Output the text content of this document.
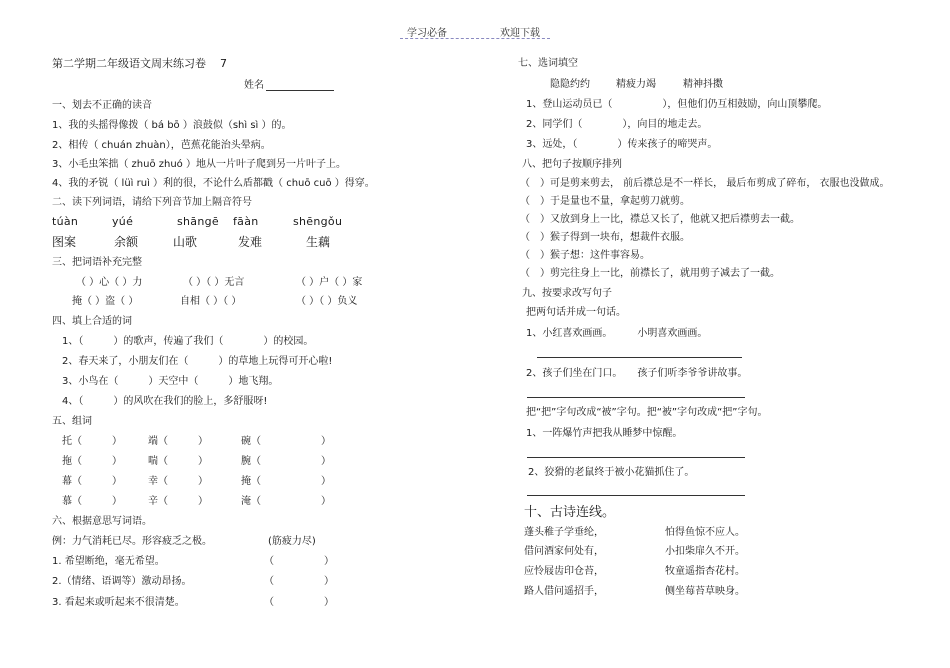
学习必备	欢迎下载
第二学期二年级语文周末练习卷 7
姓名
一、划去不正确的读音
1、我的头摇得像拨（ bá bō ）浪鼓似（shì sì ）的。
2、相传（ chuán zhuàn），芭蕉花能治头晕病。
3、小毛虫笨拙（ zhuō zhuó ）地从一片叶子爬到另一片叶子上。
4、我的矛锐（ lüì ruì ）利的很，不论什么盾都戳（ chuō cuō ）得穿。
二、读下列词语，请给下列音节加上隔音符号
túàn	yúé	shāngē fāàn	shēngǒu
图案	余额	山歌	发难	生藕
三、把词语补充完整
（ ）心（ ）力	（ ）（ ）无言	（ ）户（ ）家
掩（ ）盗（ ）	自相（ ）（ ）	（ ）（ ）负义
四、填上合适的词
1、（　　　）的歌声，传遍了我们（　　　　）的校园。
2、春天来了，小朋友们在（　　　）的草地上玩得可开心啦!
3、小鸟在（　　　）天空中（　　　）地飞翔。
4、（　　　）的风吹在我们的脸上，多舒服呀!
五、组词
托（　　　）	端（　　　）	碗（　　　　　　）
拖（　　　）	喘（　　　）	腕（　　　　　　）
幕（　　　）	幸（　　　）	掩（　　　　　　）
慕（　　　）	辛（　　　）	淹（　　　　　　）
六、根据意思写词语。
例：力气消耗已尽。形容疲乏之极。	(筋疲力尽)
1. 希望断绝，毫无希望。	（　　　　　）
2.（情绪、语调等）激动昂扬。	（　　　　　）
3. 看起来或听起来不很清楚。	（　　　　　）
七、选词填空
隐隐约约	精疲力竭	精神抖擞
1、登山运动员已（　　　　　），但他们仍互相鼓励，向山顶攀爬。
2、同学们（　　　　），向目的地走去。
3、远处，（　　　　）传来孩子的啼哭声。
八、把句子按顺序排列
（　）可是剪来剪去， 前后襟总是不一样长， 最后布剪成了碎布， 衣服也没做成。
（　）于是量也不量，拿起剪刀就剪。
（　）又放到身上一比，襟总又长了，他就又把后襟剪去一截。
（　）猴子得到一块布，想裁件衣服。
（　）猴子想：这件事容易。
（　）剪完往身上一比，前襟长了，就用剪子减去了一截。
九、按要求改写句子
把两句话并成一句话。
1、小红喜欢画画。　　　小明喜欢画画。
2、孩子们坐在门口。　　孩子们听李爷爷讲故事。
把“把”字句改成“被”字句。把“被”字句改成“把”字句。
1、一阵爆竹声把我从睡梦中惊醒。
2、狡猾的老鼠终于被小花猫抓住了。
十、古诗连线。
蓬头稚子学垂纶，
借问酒家何处有，
应怜屐齿印仓苔，
路人借问遥招手，
怕得鱼惊不应人。
小扣柴扉久不开。
牧童遥指杏花村。
侧坐莓苔草映身。
